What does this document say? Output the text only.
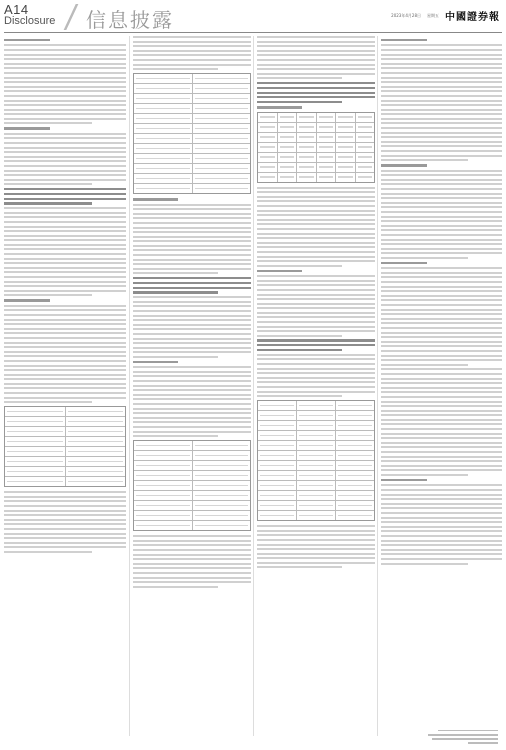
A14
Disclosure 信息披露	2023年4月28日 星期五 中國證券報
